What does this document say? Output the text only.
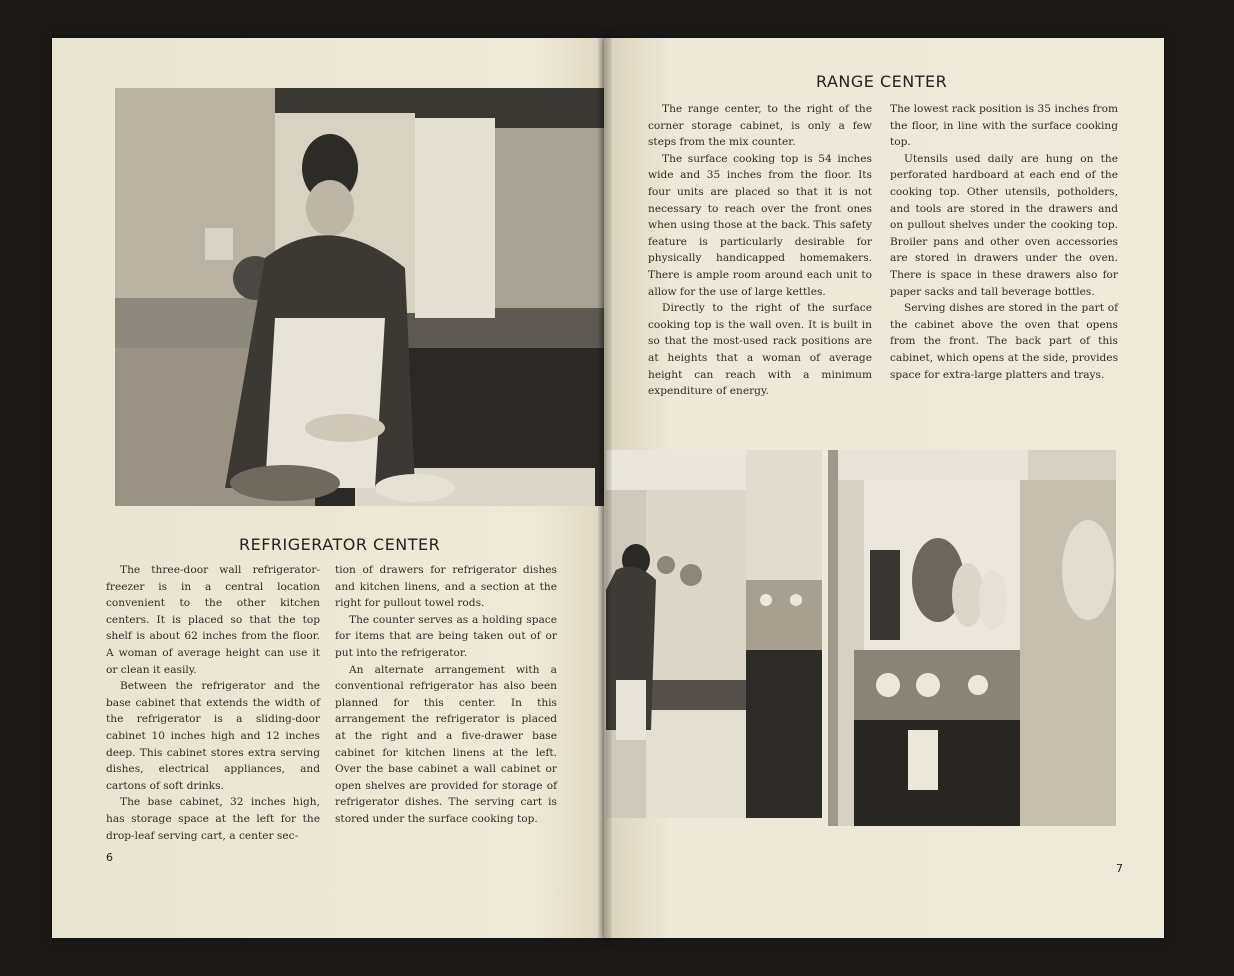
REFRIGERATOR CENTER

The three-door wall refrigerator-freezer is in a central location convenient to the other kitchen centers. It is placed so that the top shelf is about 62 inches from the floor. A woman of average height can use it or clean it easily.

Between the refrigerator and the base cabinet that extends the width of the refrigerator is a sliding-door cabinet 10 inches high and 12 inches deep. This cabinet stores extra serving dishes, electrical appliances, and cartons of soft drinks.

The base cabinet, 32 inches high, has storage space at the left for the drop-leaf serving cart, a center sec-

tion of drawers for refrigerator dishes and kitchen linens, and a section at the right for pullout towel rods.

The counter serves as a holding space for items that are being taken out of or put into the refrigerator.

An alternate arrangement with a conventional refrigerator has also been planned for this center. In this arrangement the refrigerator is placed at the right and a five-drawer base cabinet for kitchen linens at the left. Over the base cabinet a wall cabinet or open shelves are provided for storage of refrigerator dishes. The serving cart is stored under the surface cooking top.

6
RANGE CENTER

The range center, to the right of the corner storage cabinet, is only a few steps from the mix counter.

The surface cooking top is 54 inches wide and 35 inches from the floor. Its four units are placed so that it is not necessary to reach over the front ones when using those at the back. This safety feature is particularly desirable for physically handicapped homemakers. There is ample room around each unit to allow for the use of large kettles.

Directly to the right of the surface cooking top is the wall oven. It is built in so that the most-used rack positions are at heights that a woman of average height can reach with a minimum expenditure of energy.

The lowest rack position is 35 inches from the floor, in line with the surface cooking top.

Utensils used daily are hung on the perforated hardboard at each end of the cooking top. Other utensils, potholders, and tools are stored in the drawers and on pullout shelves under the cooking top. Broiler pans and other oven accessories are stored in drawers under the oven. There is space in these drawers also for paper sacks and tall beverage bottles.

Serving dishes are stored in the part of the cabinet above the oven that opens from the front. The back part of this cabinet, which opens at the side, provides space for extra-large platters and trays.

7
